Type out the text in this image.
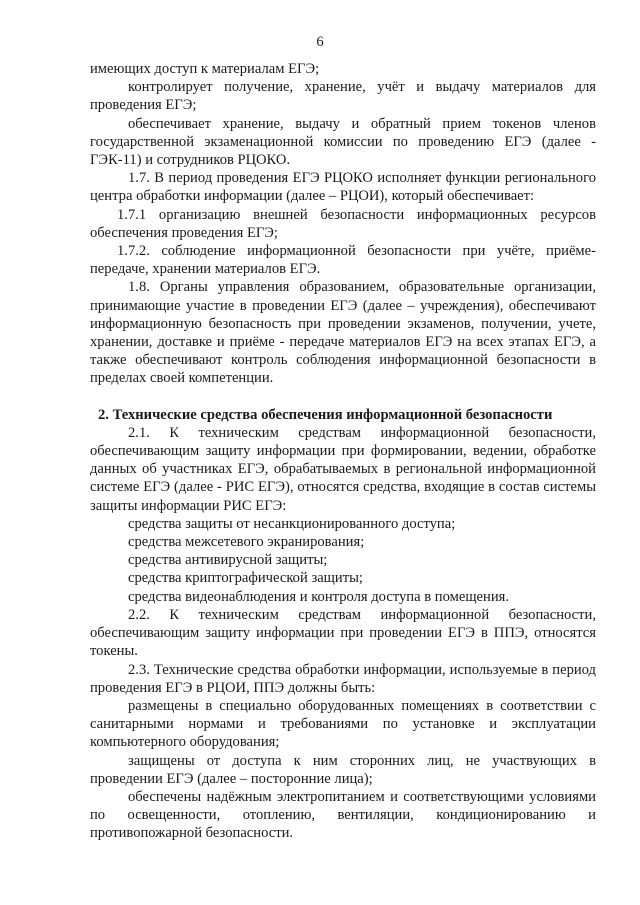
6

имеющих доступ к материалам ЕГЭ;

контролирует получение, хранение, учёт и выдачу материалов для проведения ЕГЭ;

обеспечивает хранение, выдачу и обратный прием токенов членов государственной экзаменационной комиссии по проведению ЕГЭ (далее - ГЭК-11) и сотрудников РЦОКО.

1.7. В период проведения ЕГЭ РЦОКО исполняет функции регионального центра обработки информации (далее – РЦОИ), который обеспечивает:

1.7.1 организацию внешней безопасности информационных ресурсов обеспечения проведения ЕГЭ;

1.7.2. соблюдение информационной безопасности при учёте, приёме-передаче, хранении материалов ЕГЭ.

1.8. Органы управления образованием, образовательные организации, принимающие участие в проведении ЕГЭ (далее – учреждения), обеспечивают информационную безопасность при проведении экзаменов, получении, учете, хранении, доставке и приёме - передаче материалов ЕГЭ на всех этапах ЕГЭ, а также обеспечивают контроль соблюдения информационной безопасности в пределах своей компетенции.

2. Технические средства обеспечения информационной безопасности

2.1. К техническим средствам информационной безопасности, обеспечивающим защиту информации при формировании, ведении, обработке данных об участниках ЕГЭ, обрабатываемых в региональной информационной системе ЕГЭ (далее - РИС ЕГЭ), относятся средства, входящие в состав системы защиты информации РИС ЕГЭ:

средства защиты от несанкционированного доступа;

средства межсетевого экранирования;

средства антивирусной защиты;

средства криптографической защиты;

средства видеонаблюдения и контроля доступа в помещения.

2.2. К техническим средствам информационной безопасности, обеспечивающим защиту информации при проведении ЕГЭ в ППЭ, относятся токены.

2.3. Технические средства обработки информации, используемые в период проведения ЕГЭ в РЦОИ, ППЭ должны быть:

размещены в специально оборудованных помещениях в соответствии с санитарными нормами и требованиями по установке и эксплуатации компьютерного оборудования;

защищены от доступа к ним сторонних лиц, не участвующих в проведении ЕГЭ (далее – посторонние лица);

обеспечены надёжным электропитанием и соответствующими условиями по освещенности, отоплению, вентиляции, кондиционированию и противопожарной безопасности.
